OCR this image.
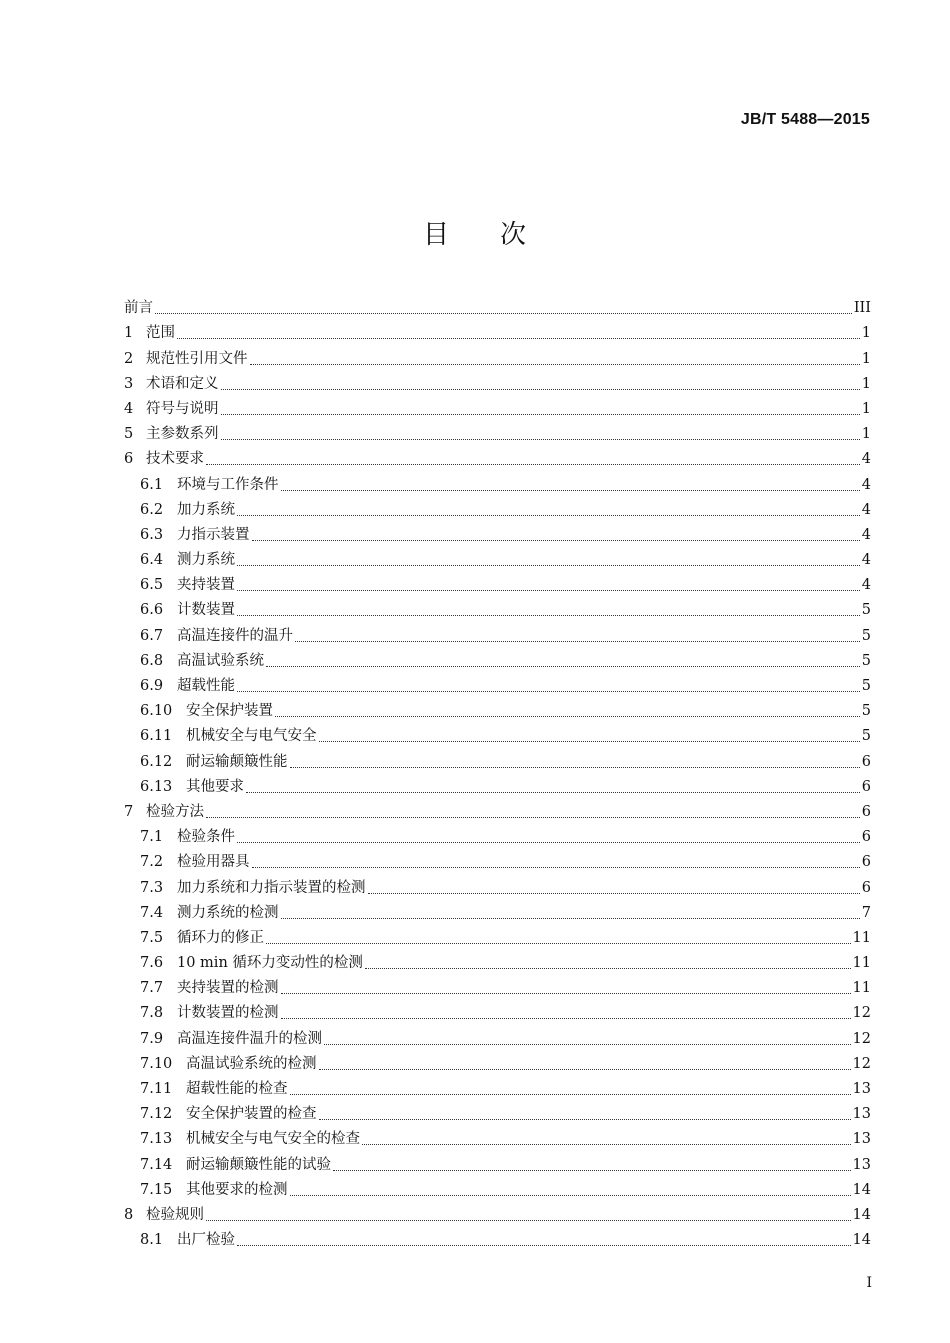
JB/T 5488—2015
目 次
前言	III
1 范围	1
2 规范性引用文件	1
3 术语和定义	1
4 符号与说明	1
5 主参数系列	1
6 技术要求	4
6.1 环境与工作条件	4
6.2 加力系统	4
6.3 力指示装置	4
6.4 测力系统	4
6.5 夹持装置	4
6.6 计数装置	5
6.7 高温连接件的温升	5
6.8 高温试验系统	5
6.9 超载性能	5
6.10 安全保护装置	5
6.11 机械安全与电气安全	5
6.12 耐运输颠簸性能	6
6.13 其他要求	6
7 检验方法	6
7.1 检验条件	6
7.2 检验用器具	6
7.3 加力系统和力指示装置的检测	6
7.4 测力系统的检测	7
7.5 循环力的修正	11
7.6 10 min 循环力变动性的检测	11
7.7 夹持装置的检测	11
7.8 计数装置的检测	12
7.9 高温连接件温升的检测	12
7.10 高温试验系统的检测	12
7.11 超载性能的检查	13
7.12 安全保护装置的检查	13
7.13 机械安全与电气安全的检查	13
7.14 耐运输颠簸性能的试验	13
7.15 其他要求的检测	14
8 检验规则	14
8.1 出厂检验	14
I
